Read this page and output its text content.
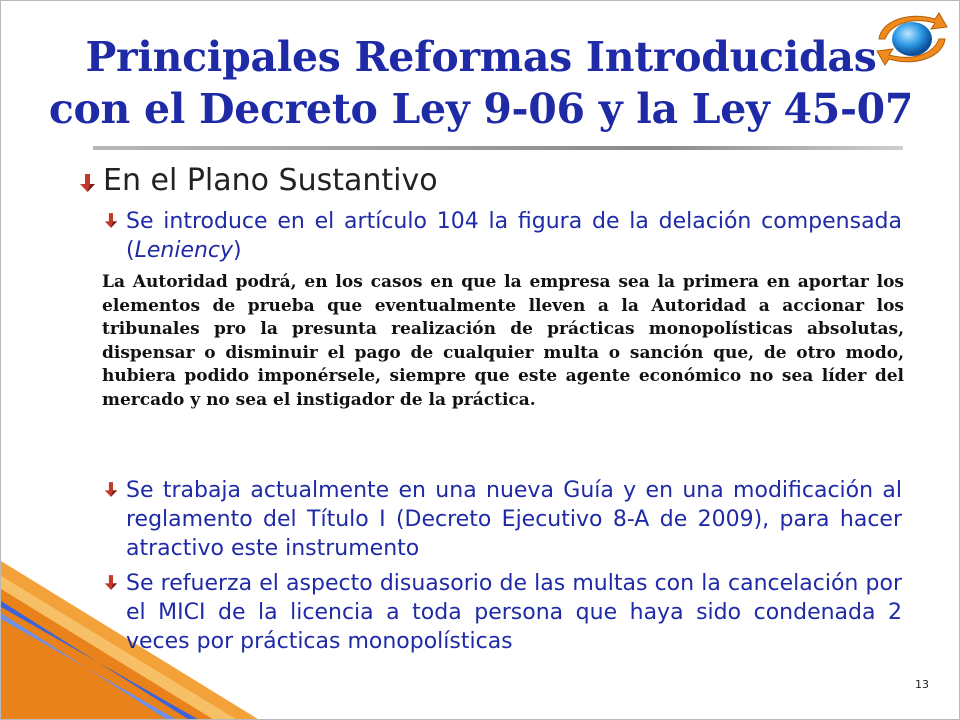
Principales Reformas Introducidas
con el Decreto Ley 9-06 y la Ley 45-07
En el Plano Sustantivo
Se introduce en el artículo 104 la figura de la delación compensada (Leniency)
La Autoridad podrá, en los casos en que la empresa sea la primera en aportar los elementos de prueba que eventualmente lleven a la Autoridad a accionar los tribunales pro la presunta realización de prácticas monopolísticas absolutas, dispensar o disminuir el pago de cualquier multa o sanción que, de otro modo, hubiera podido imponérsele, siempre que este agente económico no sea líder del mercado y no sea el instigador de la práctica.
Se trabaja actualmente en una nueva Guía y en una modificación al reglamento del Título I (Decreto Ejecutivo 8-A de 2009), para hacer atractivo este instrumento
Se refuerza el aspecto disuasorio de las multas con la cancelación por el MICI de la licencia a toda persona que haya sido condenada 2 veces por prácticas monopolísticas
13
